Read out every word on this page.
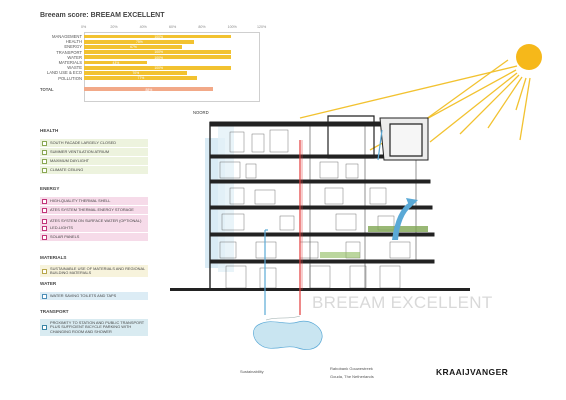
Breeam score: BREEAM EXCELLENT
0%	20%	40%	60%	80%	100%	120%
MANAGEMENT	100%
HEALTH	75%
ENERGY	67%
TRANSPORT	100%
WATER	100%
MATERIALS	43%
WASTE	100%
LAND USE & ECO	70%
POLLUTION	77%
TOTAL	88%
HEALTH
SOUTH FACADE LARGELY CLOSED
SUMMER VENTILATION ATRIUM
MAXIMUM DAYLIGHT
CLIMATE CEILING
ENERGY
HIGH-QUALITY THERMAL SHELL
ATES SYSTEM THERMAL ENERGY STORAGE
ATES SYSTEM ON SURFACE WATER (OPTIONAL)
LED-LIGHTS
SOLAR PANELS
MATERIALS
SUSTAINABLE USE OF MATERIALS AND REGIONAL BUILDING MATERIALS
WATER
WATER SAVING TOILETS AND TAPS
TRANSPORT
PROXIMITY TO STATION AND PUBLIC TRANSPORT PLUS SUFFICIENT BICYCLE PARKING WITH CHANGING ROOM AND SHOWER
NOORD
BREEAM EXCELLENT
Sustainability
Rabobank Gouwestreek
Gouda, The Netherlands	KRAAIJVANGER
